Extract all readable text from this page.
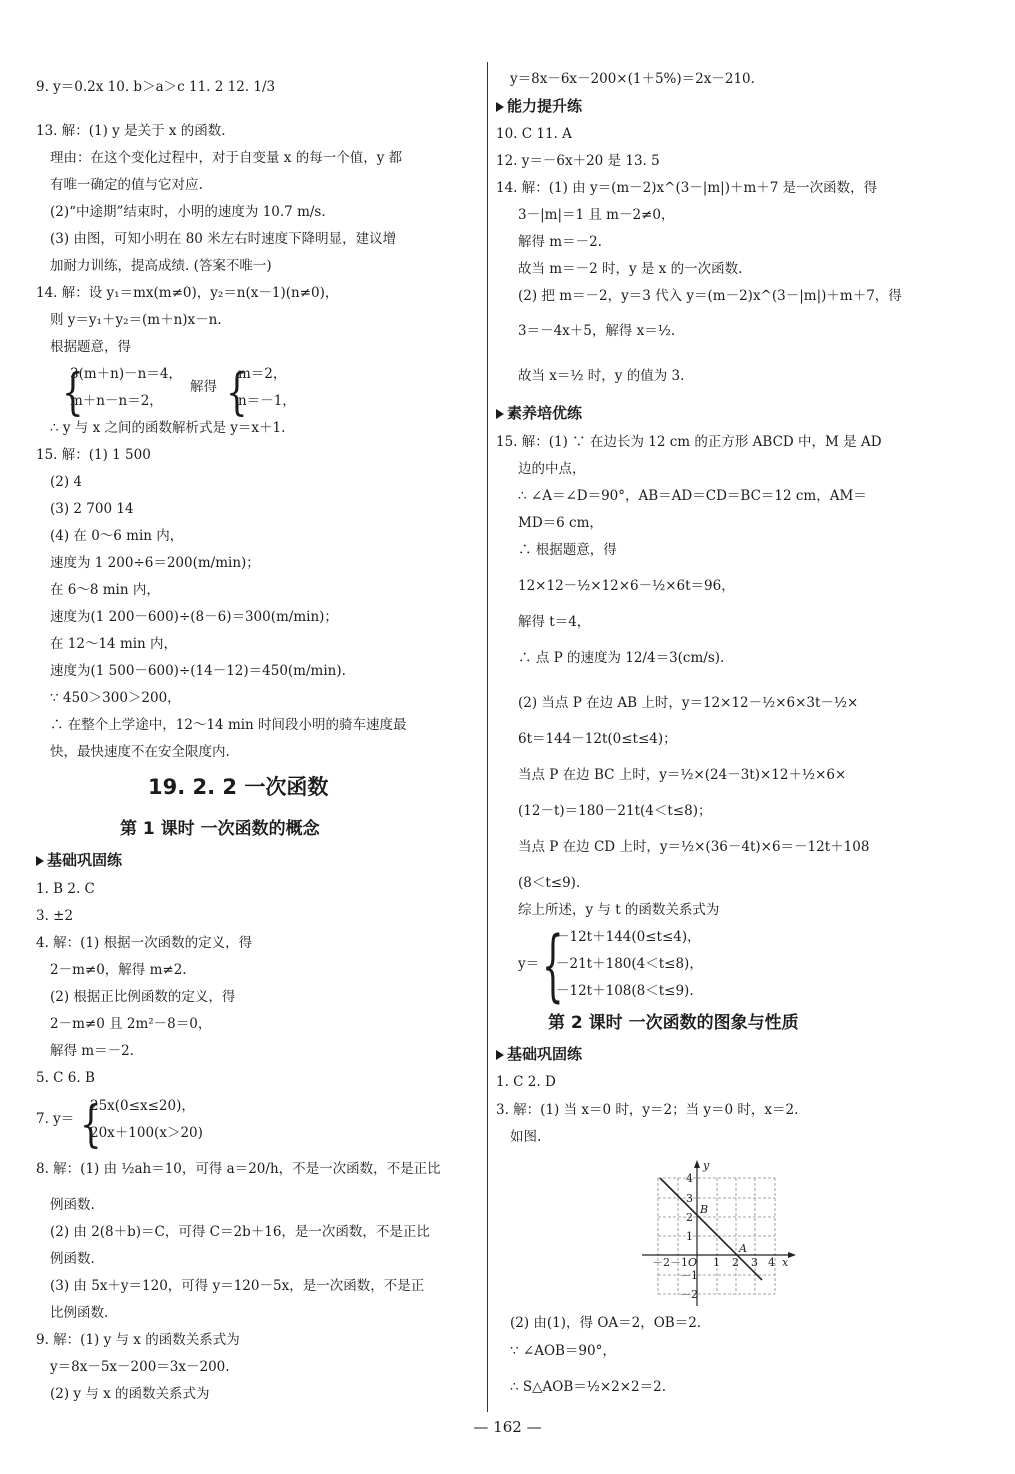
— 162 —
y
x
O
A
B
4
3
2
1
－1
－2
－2 －1 1 2 3 4
9. y＝0.2x 10. b＞a＞c 11. 2 12. 1/3
13. 解：(1) y 是关于 x 的函数.
理由：在这个变化过程中，对于自变量 x 的每一个值，y 都
有唯一确定的值与它对应.
(2)“中途期”结束时，小明的速度为 10.7 m/s.
(3) 由图，可知小明在 80 米左右时速度下降明显，建议增
加耐力训练，提高成绩. (答案不唯一)
14. 解：设 y₁＝mx(m≠0)，y₂＝n(x－1)(n≠0)，
则 y＝y₁＋y₂＝(m＋n)x－n.
根据题意，得
3(m＋n)－n＝4，
m＋n－n＝2，
解得
m＝2，
n＝－1，
∴ y 与 x 之间的函数解析式是 y＝x＋1.
15. 解：(1) 1 500
(2) 4
(3) 2 700 14
(4) 在 0～6 min 内，
速度为 1 200÷6＝200(m/min)；
在 6～8 min 内，
速度为(1 200－600)÷(8－6)＝300(m/min)；
在 12～14 min 内，
速度为(1 500－600)÷(14－12)＝450(m/min).
∵ 450＞300＞200，
∴ 在整个上学途中，12～14 min 时间段小明的骑车速度最
快，最快速度不在安全限度内.
19. 2. 2 一次函数
第 1 课时 一次函数的概念
基础巩固练
1. B 2. C
3. ±2
4. 解：(1) 根据一次函数的定义，得
2－m≠0，解得 m≠2.
(2) 根据正比例函数的定义，得
2－m≠0 且 2m²－8＝0，
解得 m＝－2.
5. C 6. B
7. y＝
25x(0≤x≤20)，
20x＋100(x＞20)
8. 解：(1) 由 ½ah＝10，可得 a＝20/h，不是一次函数，不是正比
例函数.
(2) 由 2(8＋b)＝C，可得 C＝2b＋16，是一次函数，不是正比
例函数.
(3) 由 5x＋y＝120，可得 y＝120－5x，是一次函数，不是正
比例函数.
9. 解：(1) y 与 x 的函数关系式为
y＝8x－5x－200＝3x－200.
(2) y 与 x 的函数关系式为
y＝8x－6x－200×(1＋5%)＝2x－210.
能力提升练
10. C 11. A
12. y＝－6x＋20 是 13. 5
14. 解：(1) 由 y＝(m－2)x^(3－|m|)＋m＋7 是一次函数，得
3－|m|＝1 且 m－2≠0，
解得 m＝－2.
故当 m＝－2 时，y 是 x 的一次函数.
(2) 把 m＝－2，y＝3 代入 y＝(m－2)x^(3－|m|)＋m＋7，得
3＝－4x＋5，解得 x＝½.
故当 x＝½ 时，y 的值为 3.
素养培优练
15. 解：(1) ∵ 在边长为 12 cm 的正方形 ABCD 中，M 是 AD
边的中点，
∴ ∠A＝∠D＝90°，AB＝AD＝CD＝BC＝12 cm，AM＝
MD＝6 cm，
∴ 根据题意，得
12×12－½×12×6－½×6t＝96，
解得 t＝4，
∴ 点 P 的速度为 12/4＝3(cm/s).
(2) 当点 P 在边 AB 上时，y＝12×12－½×6×3t－½×
6t＝144－12t(0≤t≤4)；
当点 P 在边 BC 上时，y＝½×(24－3t)×12＋½×6×
(12－t)＝180－21t(4＜t≤8)；
当点 P 在边 CD 上时，y＝½×(36－4t)×6＝－12t＋108
(8＜t≤9).
综上所述，y 与 t 的函数关系式为
y＝
－12t＋144(0≤t≤4)，
－21t＋180(4＜t≤8)，
－12t＋108(8＜t≤9).
第 2 课时 一次函数的图象与性质
基础巩固练
1. C 2. D
3. 解：(1) 当 x＝0 时，y＝2；当 y＝0 时，x＝2.
如图.
(2) 由(1)，得 OA＝2，OB＝2.
∵ ∠AOB＝90°，
∴ S△AOB＝½×2×2＝2.
{	{
{
{
